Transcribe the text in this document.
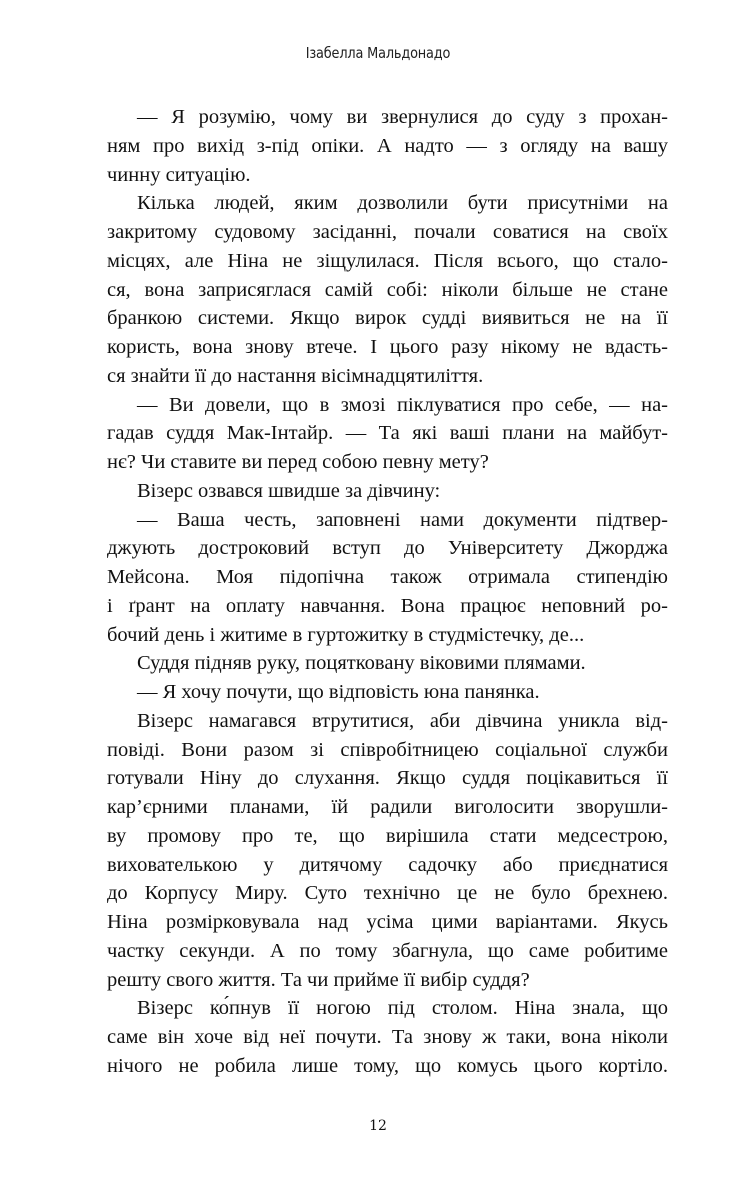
Ізабелла Мальдонадо
— Я розумію, чому ви звернулися до суду з прохан-
ням про вихід з-під опіки. А надто — з огляду на вашу
чинну ситуацію.
Кілька людей, яким дозволили бути присутніми на
закритому судовому засіданні, почали соватися на своїх
місцях, але Ніна не зіщулилася. Після всього, що стало-
ся, вона заприсяглася самій собі: ніколи більше не стане
бранкою системи. Якщо вирок судді виявиться не на її
користь, вона знову втече. І цього разу нікому не вдасть-
ся знайти її до настання вісімнадцятиліття.
— Ви довели, що в змозі піклуватися про себе, — на-
гадав суддя Мак-Інтайр. — Та які ваші плани на майбут-
нє? Чи ставите ви перед собою певну мету?
Візерс озвався швидше за дівчину:
— Ваша честь, заповнені нами документи підтвер-
джують достроковий вступ до Університету Джорджа
Мейсона. Моя підопічна також отримала стипендію
і ґрант на оплату навчання. Вона працює неповний ро-
бочий день і житиме в гуртожитку в студмістечку, де...
Суддя підняв руку, поцятковану віковими плямами.
— Я хочу почути, що відповість юна панянка.
Візерс намагався втрутитися, аби дівчина уникла від-
повіді. Вони разом зі співробітницею соціальної служби
готували Ніну до слухання. Якщо суддя поцікавиться її
кар’єрними планами, їй радили виголосити зворушли-
ву промову про те, що вирішила стати медсестрою,
вихователькою у дитячому садочку або приєднатися
до Корпусу Миру. Суто технічно це не було брехнею.
Ніна розмірковувала над усіма цими варіантами. Якусь
частку секунди. А по тому збагнула, що саме робитиме
решту свого життя. Та чи прийме її вибір суддя?
Візерс ко́пнув її ногою під столом. Ніна знала, що
саме він хоче від неї почути. Та знову ж таки, вона ніколи
нічого не робила лише тому, що комусь цього кортіло.
12
